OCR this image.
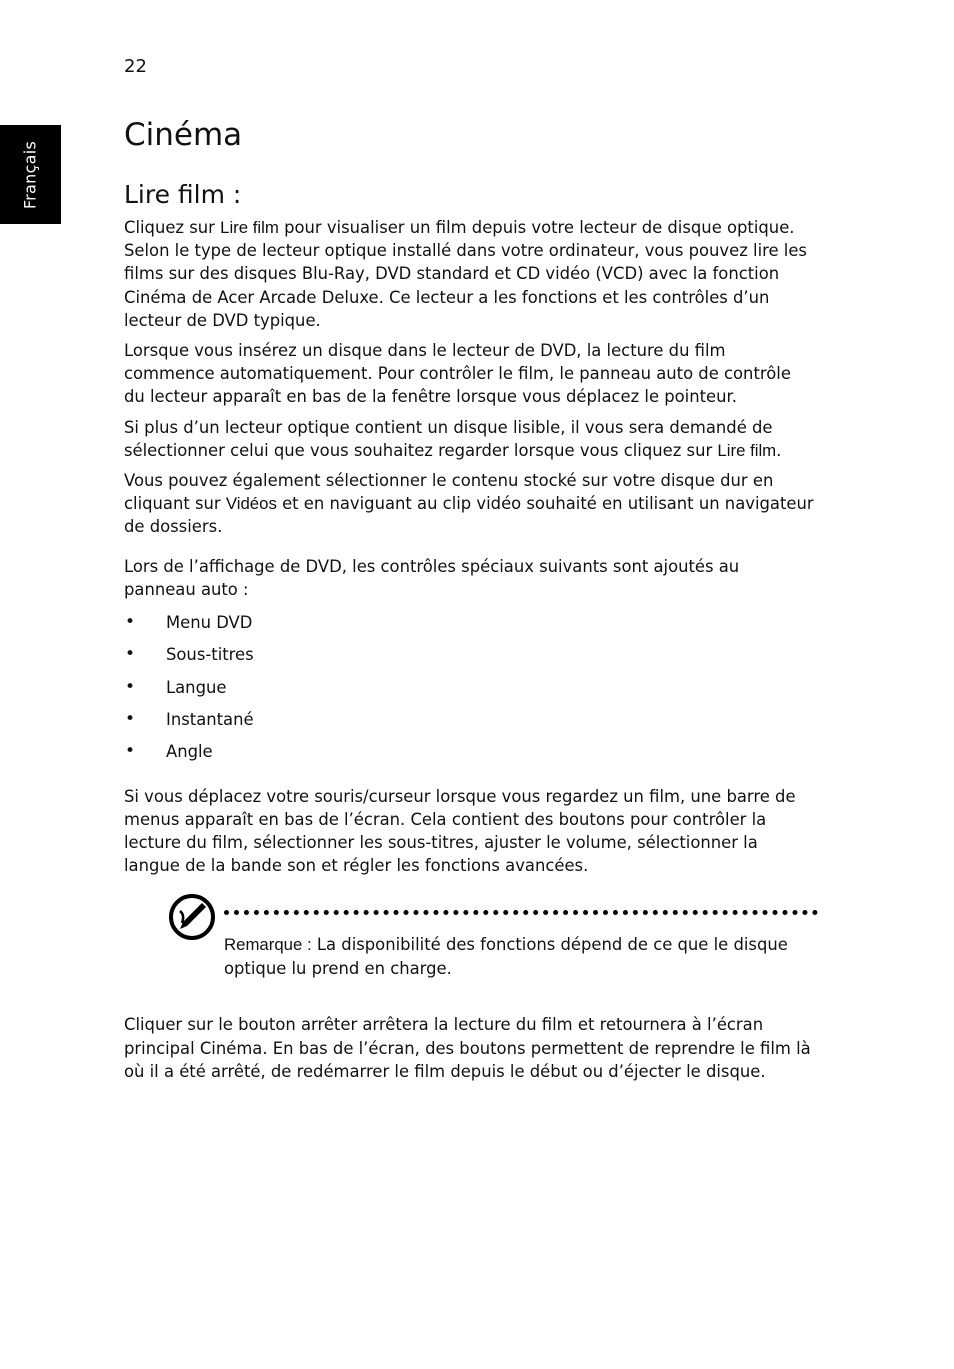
Français
22
Cinéma
Lire film :

Cliquez sur Lire film pour visualiser un film depuis votre lecteur de disque optique. Selon le type de lecteur optique installé dans votre ordinateur, vous pouvez lire les films sur des disques Blu-Ray, DVD standard et CD vidéo (VCD) avec la fonction Cinéma de Acer Arcade Deluxe. Ce lecteur a les fonctions et les contrôles d’un lecteur de DVD typique.

Lorsque vous insérez un disque dans le lecteur de DVD, la lecture du film commence automatiquement. Pour contrôler le film, le panneau auto de contrôle du lecteur apparaît en bas de la fenêtre lorsque vous déplacez le pointeur.

Si plus d’un lecteur optique contient un disque lisible, il vous sera demandé de sélectionner celui que vous souhaitez regarder lorsque vous cliquez sur Lire film.

Vous pouvez également sélectionner le contenu stocké sur votre disque dur en cliquant sur Vidéos et en naviguant au clip vidéo souhaité en utilisant un navigateur de dossiers.

Lors de l’affichage de DVD, les contrôles spéciaux suivants sont ajoutés au panneau auto :

• Menu DVD
• Sous-titres
• Langue
• Instantané
• Angle

Si vous déplacez votre souris/curseur lorsque vous regardez un film, une barre de menus apparaît en bas de l’écran. Cela contient des boutons pour contrôler la lecture du film, sélectionner les sous-titres, ajuster le volume, sélectionner la langue de la bande son et régler les fonctions avancées.

Remarque : La disponibilité des fonctions dépend de ce que le disque optique lu prend en charge.

Cliquer sur le bouton arrêter arrêtera la lecture du film et retournera à l’écran principal Cinéma. En bas de l’écran, des boutons permettent de reprendre le film là où il a été arrêté, de redémarrer le film depuis le début ou d’éjecter le disque.
